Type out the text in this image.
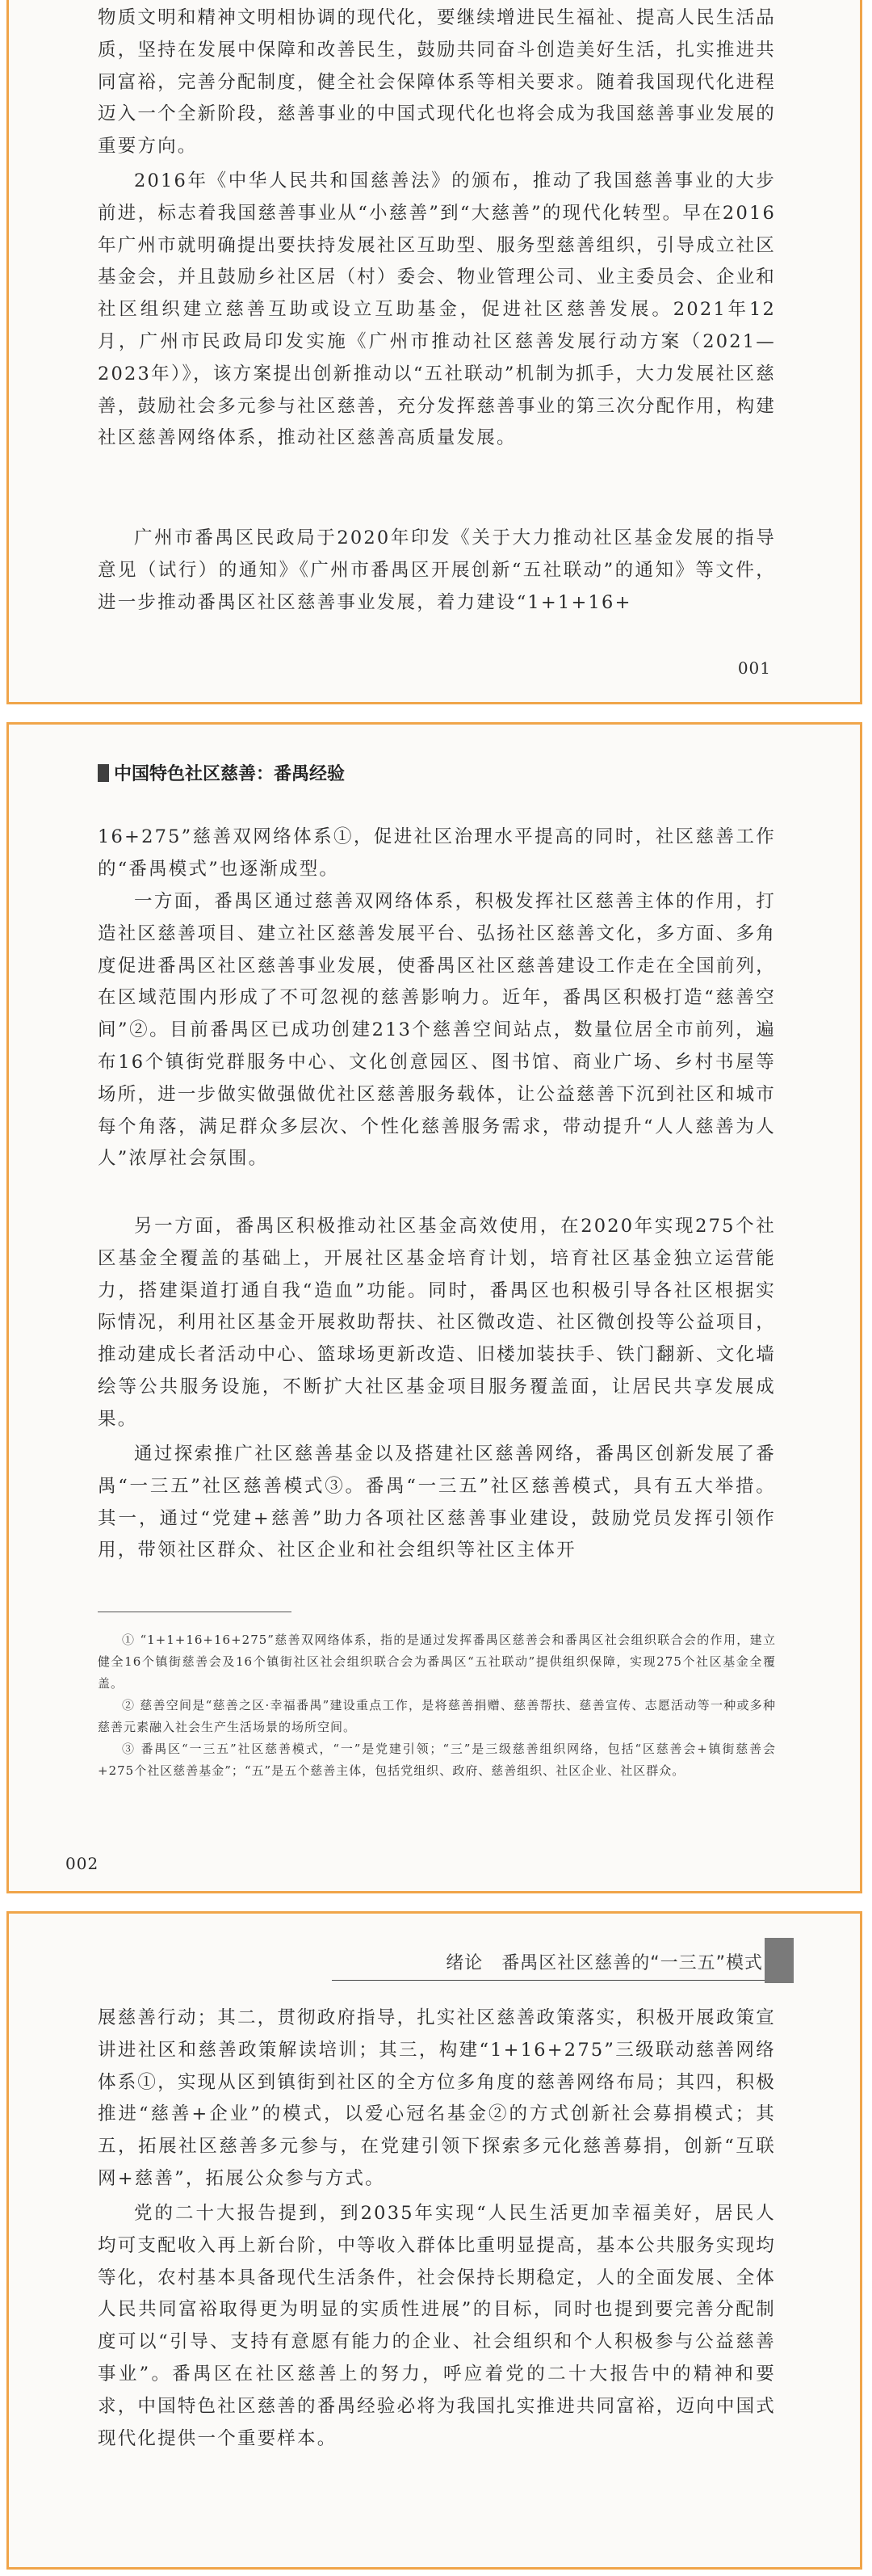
物质文明和精神文明相协调的现代化，要继续增进民生福祉、提高人民生活品质，坚持在发展中保障和改善民生，鼓励共同奋斗创造美好生活，扎实推进共同富裕，完善分配制度，健全社会保障体系等相关要求。随着我国现代化进程迈入一个全新阶段，慈善事业的中国式现代化也将会成为我国慈善事业发展的重要方向。

2016年《中华人民共和国慈善法》的颁布，推动了我国慈善事业的大步前进，标志着我国慈善事业从“小慈善”到“大慈善”的现代化转型。早在2016年广州市就明确提出要扶持发展社区互助型、服务型慈善组织，引导成立社区基金会，并且鼓励乡社区居（村）委会、物业管理公司、业主委员会、企业和社区组织建立慈善互助或设立互助基金，促进社区慈善发展。2021年12月，广州市民政局印发实施《广州市推动社区慈善发展行动方案（2021—2023年）》，该方案提出创新推动以“五社联动”机制为抓手，大力发展社区慈善，鼓励社会多元参与社区慈善，充分发挥慈善事业的第三次分配作用，构建社区慈善网络体系，推动社区慈善高质量发展。

广州市番禺区民政局于2020年印发《关于大力推动社区基金发展的指导意见（试行）的通知》《广州市番禺区开展创新“五社联动”的通知》等文件，进一步推动番禺区社区慈善事业发展，着力建设“1+1+16+

001
中国特色社区慈善：番禺经验

16+275”慈善双网络体系①，促进社区治理水平提高的同时，社区慈善工作的“番禺模式”也逐渐成型。

一方面，番禺区通过慈善双网络体系，积极发挥社区慈善主体的作用，打造社区慈善项目、建立社区慈善发展平台、弘扬社区慈善文化，多方面、多角度促进番禺区社区慈善事业发展，使番禺区社区慈善建设工作走在全国前列，在区域范围内形成了不可忽视的慈善影响力。近年，番禺区积极打造“慈善空间”②。目前番禺区已成功创建213个慈善空间站点，数量位居全市前列，遍布16个镇街党群服务中心、文化创意园区、图书馆、商业广场、乡村书屋等场所，进一步做实做强做优社区慈善服务载体，让公益慈善下沉到社区和城市每个角落，满足群众多层次、个性化慈善服务需求，带动提升“人人慈善为人人”浓厚社会氛围。

另一方面，番禺区积极推动社区基金高效使用，在2020年实现275个社区基金全覆盖的基础上，开展社区基金培育计划，培育社区基金独立运营能力，搭建渠道打通自我“造血”功能。同时，番禺区也积极引导各社区根据实际情况，利用社区基金开展救助帮扶、社区微改造、社区微创投等公益项目，推动建成长者活动中心、篮球场更新改造、旧楼加装扶手、铁门翻新、文化墙绘等公共服务设施，不断扩大社区基金项目服务覆盖面，让居民共享发展成果。

通过探索推广社区慈善基金以及搭建社区慈善网络，番禺区创新发展了番禺“一三五”社区慈善模式③。番禺“一三五”社区慈善模式，具有五大举措。其一，通过“党建+慈善”助力各项社区慈善事业建设，鼓励党员发挥引领作用，带领社区群众、社区企业和社会组织等社区主体开

① “1+1+16+16+275”慈善双网络体系，指的是通过发挥番禺区慈善会和番禺区社会组织联合会的作用，建立健全16个镇街慈善会及16个镇街社区社会组织联合会为番禺区“五社联动”提供组织保障，实现275个社区基金全覆盖。

② 慈善空间是“慈善之区·幸福番禺”建设重点工作，是将慈善捐赠、慈善帮扶、慈善宣传、志愿活动等一种或多种慈善元素融入社会生产生活场景的场所空间。

③ 番禺区“一三五”社区慈善模式，“一”是党建引领；“三”是三级慈善组织网络，包括“区慈善会+镇街慈善会+275个社区慈善基金”；“五”是五个慈善主体，包括党组织、政府、慈善组织、社区企业、社区群众。

002
绪论　番禺区社区慈善的“一三五”模式

展慈善行动；其二，贯彻政府指导，扎实社区慈善政策落实，积极开展政策宣讲进社区和慈善政策解读培训；其三，构建“1+16+275”三级联动慈善网络体系①，实现从区到镇街到社区的全方位多角度的慈善网络布局；其四，积极推进“慈善+企业”的模式，以爱心冠名基金②的方式创新社会募捐模式；其五，拓展社区慈善多元参与，在党建引领下探索多元化慈善募捐，创新“互联网+慈善”，拓展公众参与方式。

党的二十大报告提到，到2035年实现“人民生活更加幸福美好，居民人均可支配收入再上新台阶，中等收入群体比重明显提高，基本公共服务实现均等化，农村基本具备现代生活条件，社会保持长期稳定，人的全面发展、全体人民共同富裕取得更为明显的实质性进展”的目标，同时也提到要完善分配制度可以“引导、支持有意愿有能力的企业、社会组织和个人积极参与公益慈善事业”。番禺区在社区慈善上的努力，呼应着党的二十大报告中的精神和要求，中国特色社区慈善的番禺经验必将为我国扎实推进共同富裕，迈向中国式现代化提供一个重要样本。
